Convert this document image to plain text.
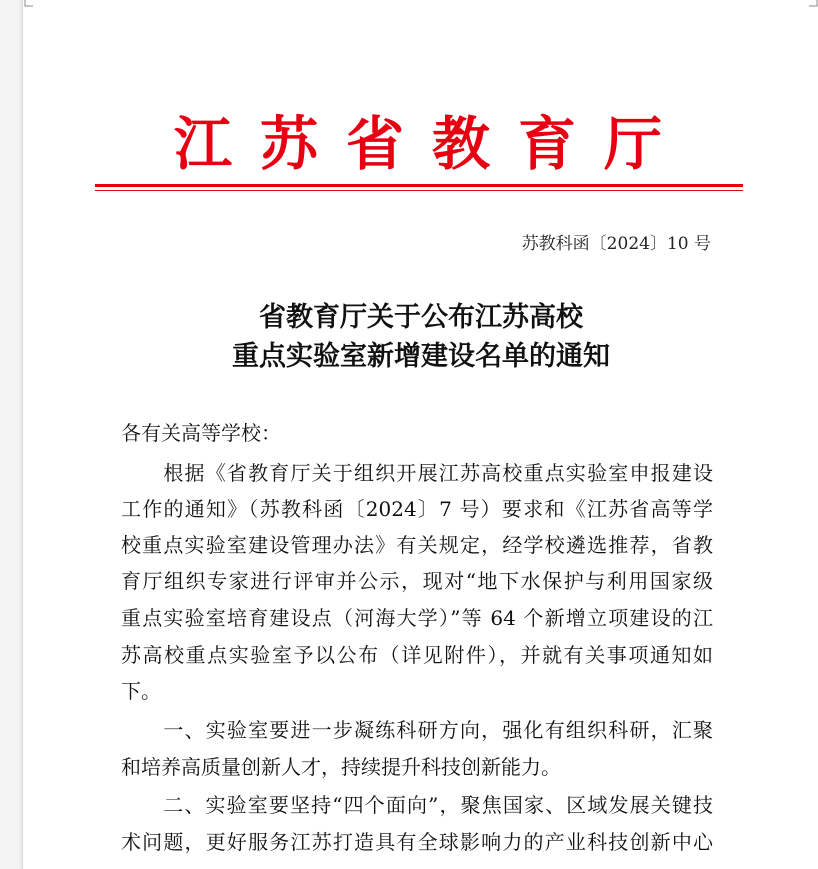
江苏省教育厅
苏教科函〔2024〕10 号
省教育厅关于公布江苏高校
重点实验室新增建设名单的通知
各有关高等学校：
　　根据《省教育厅关于组织开展江苏高校重点实验室申报建设
工作的通知》（苏教科函〔2024〕7 号）要求和《江苏省高等学
校重点实验室建设管理办法》有关规定，经学校遴选推荐，省教
育厅组织专家进行评审并公示，现对“地下水保护与利用国家级
重点实验室培育建设点（河海大学）”等 64 个新增立项建设的江
苏高校重点实验室予以公布（详见附件），并就有关事项通知如
下。
　　一、实验室要进一步凝练科研方向，强化有组织科研，汇聚
和培养高质量创新人才，持续提升科技创新能力。
　　二、实验室要坚持“四个面向”，聚焦国家、区域发展关键技
术问题，更好服务江苏打造具有全球影响力的产业科技创新中心
